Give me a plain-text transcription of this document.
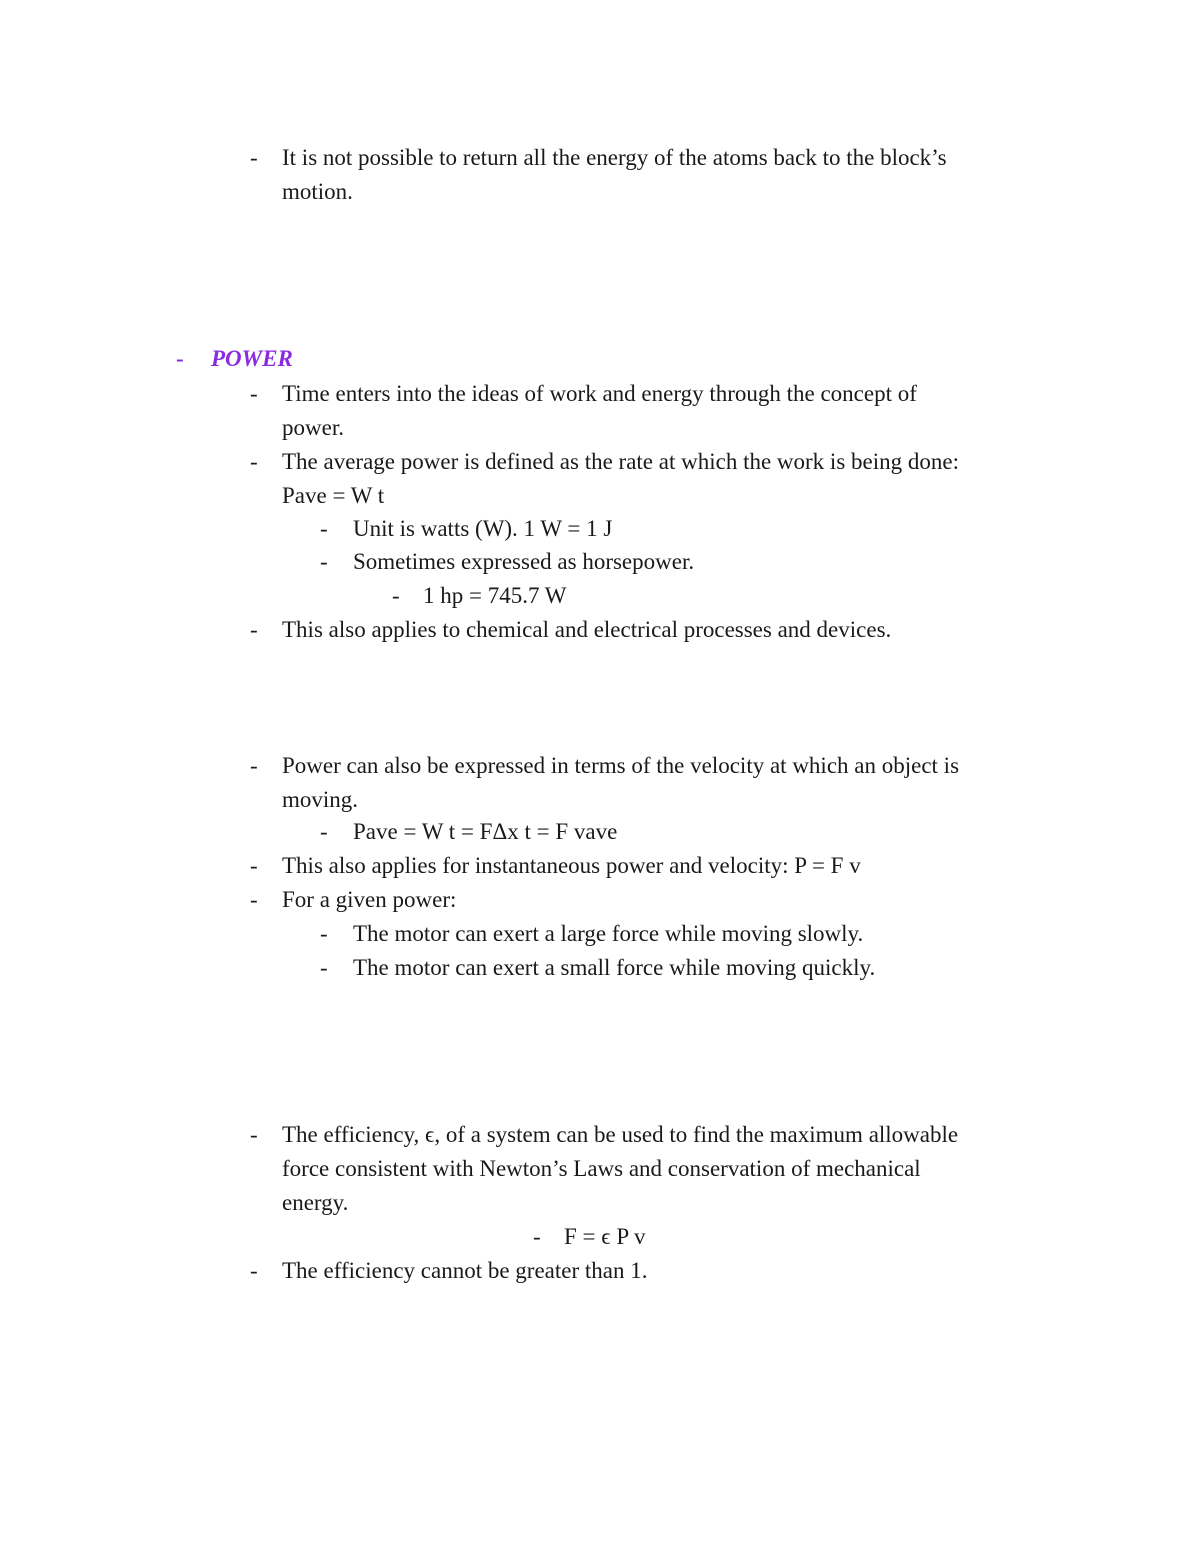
- It is not possible to return all the energy of the atoms back to the block’s
motion.
- POWER
- Time enters into the ideas of work and energy through the concept of
power.
- The average power is defined as the rate at which the work is being done:
Pave = W t
- Unit is watts (W). 1 W = 1 J
- Sometimes expressed as horsepower.
- 1 hp = 745.7 W
- This also applies to chemical and electrical processes and devices.
- Power can also be expressed in terms of the velocity at which an object is
moving.
- Pave = W t = FΔx t = F vave
- This also applies for instantaneous power and velocity: P = F v
- For a given power:
- The motor can exert a large force while moving slowly.
- The motor can exert a small force while moving quickly.
- The efficiency, ϵ, of a system can be used to find the maximum allowable
force consistent with Newton’s Laws and conservation of mechanical
energy.
- F = ϵ P v
- The efficiency cannot be greater than 1.
